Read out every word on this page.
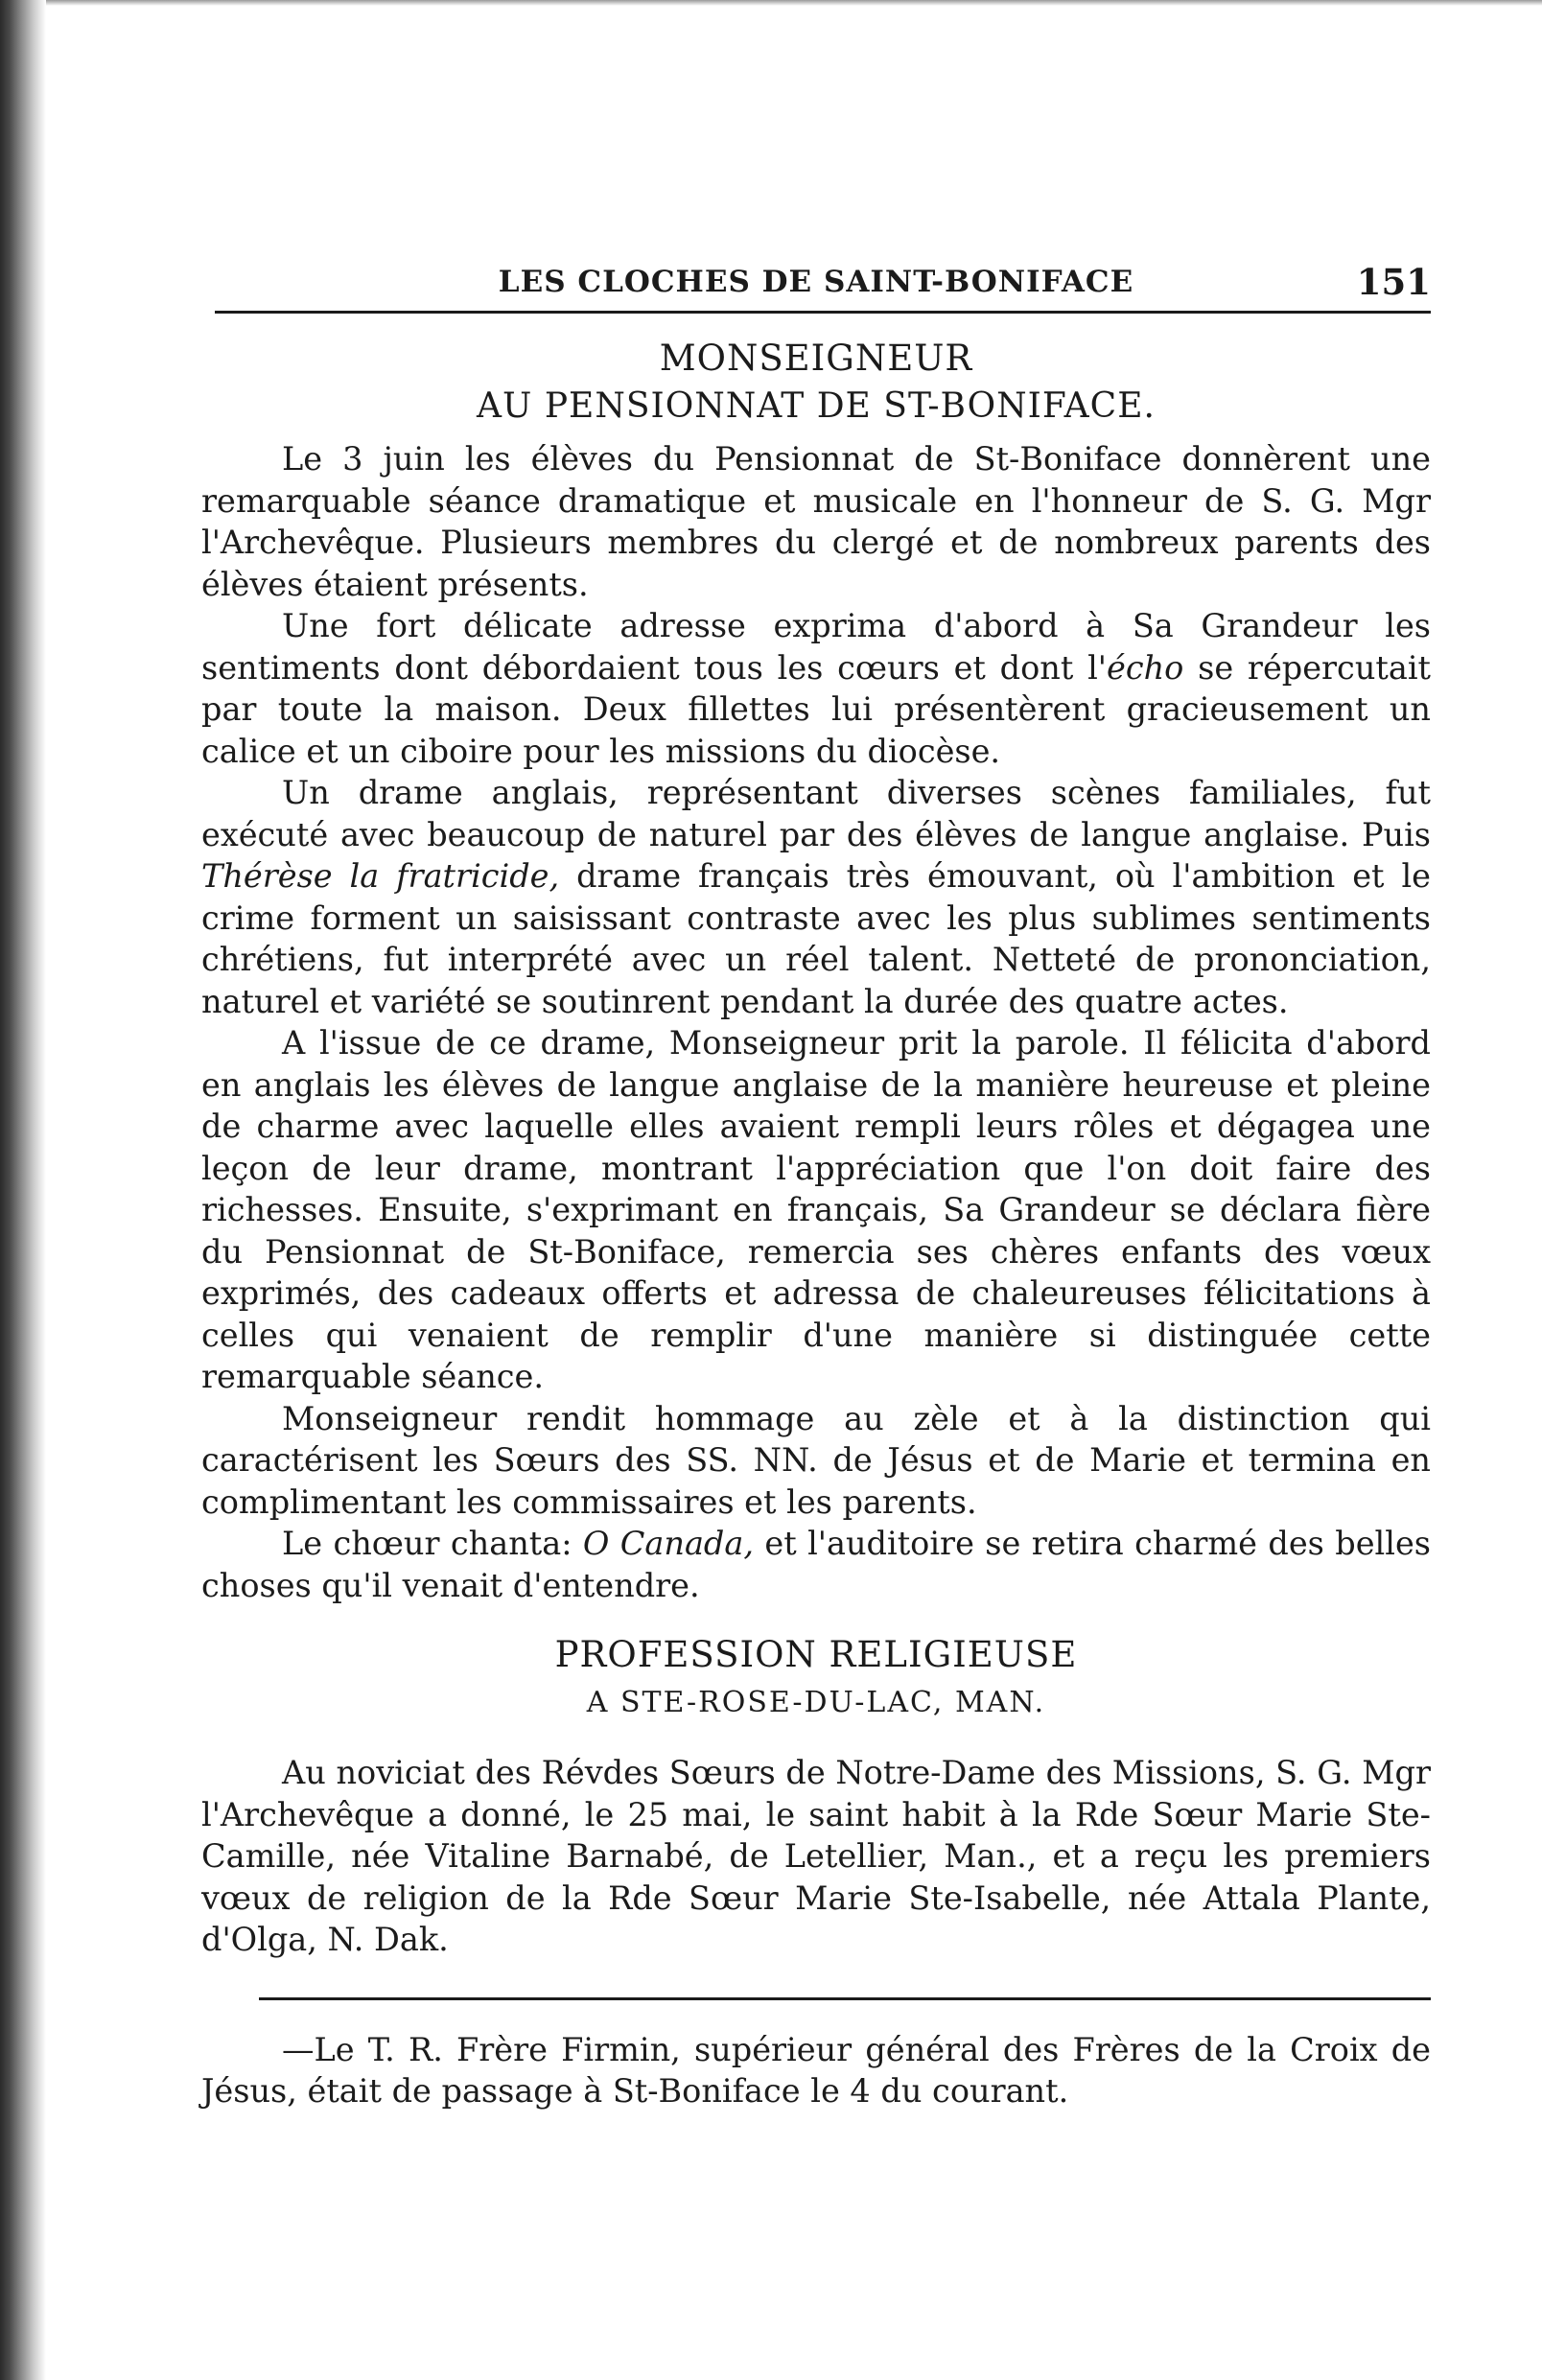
LES CLOCHES DE SAINT-BONIFACE	151
MONSEIGNEUR
AU PENSIONNAT DE ST-BONIFACE.

Le 3 juin les élèves du Pensionnat de St-Boniface donnèrent une remarquable séance dramatique et musicale en l'honneur de S. G. Mgr l'Archevêque. Plusieurs membres du clergé et de nombreux parents des élèves étaient présents.

Une fort délicate adresse exprima d'abord à Sa Grandeur les sentiments dont débordaient tous les cœurs et dont l'écho se répercutait par toute la maison. Deux fillettes lui présentèrent gracieusement un calice et un ciboire pour les missions du diocèse.

Un drame anglais, représentant diverses scènes familiales, fut exécuté avec beaucoup de naturel par des élèves de langue anglaise. Puis Thérèse la fratricide, drame français très émouvant, où l'ambition et le crime forment un saisissant contraste avec les plus sublimes sentiments chrétiens, fut interprété avec un réel talent. Netteté de prononciation, naturel et variété se soutinrent pendant la durée des quatre actes.

A l'issue de ce drame, Monseigneur prit la parole. Il félicita d'abord en anglais les élèves de langue anglaise de la manière heureuse et pleine de charme avec laquelle elles avaient rempli leurs rôles et dégagea une leçon de leur drame, montrant l'appréciation que l'on doit faire des richesses. Ensuite, s'exprimant en français, Sa Grandeur se déclara fière du Pensionnat de St-Boniface, remercia ses chères enfants des vœux exprimés, des cadeaux offerts et adressa de chaleureuses félicitations à celles qui venaient de remplir d'une manière si distinguée cette remarquable séance.

Monseigneur rendit hommage au zèle et à la distinction qui caractérisent les Sœurs des SS. NN. de Jésus et de Marie et termina en complimentant les commissaires et les parents.

Le chœur chanta: O Canada, et l'auditoire se retira charmé des belles choses qu'il venait d'entendre.

PROFESSION RELIGIEUSE
A STE-ROSE-DU-LAC, MAN.

Au noviciat des Révdes Sœurs de Notre-Dame des Missions, S. G. Mgr l'Archevêque a donné, le 25 mai, le saint habit à la Rde Sœur Marie Ste-Camille, née Vitaline Barnabé, de Letellier, Man., et a reçu les premiers vœux de religion de la Rde Sœur Marie Ste-Isabelle, née Attala Plante, d'Olga, N. Dak.

—Le T. R. Frère Firmin, supérieur général des Frères de la Croix de Jésus, était de passage à St-Boniface le 4 du courant.
